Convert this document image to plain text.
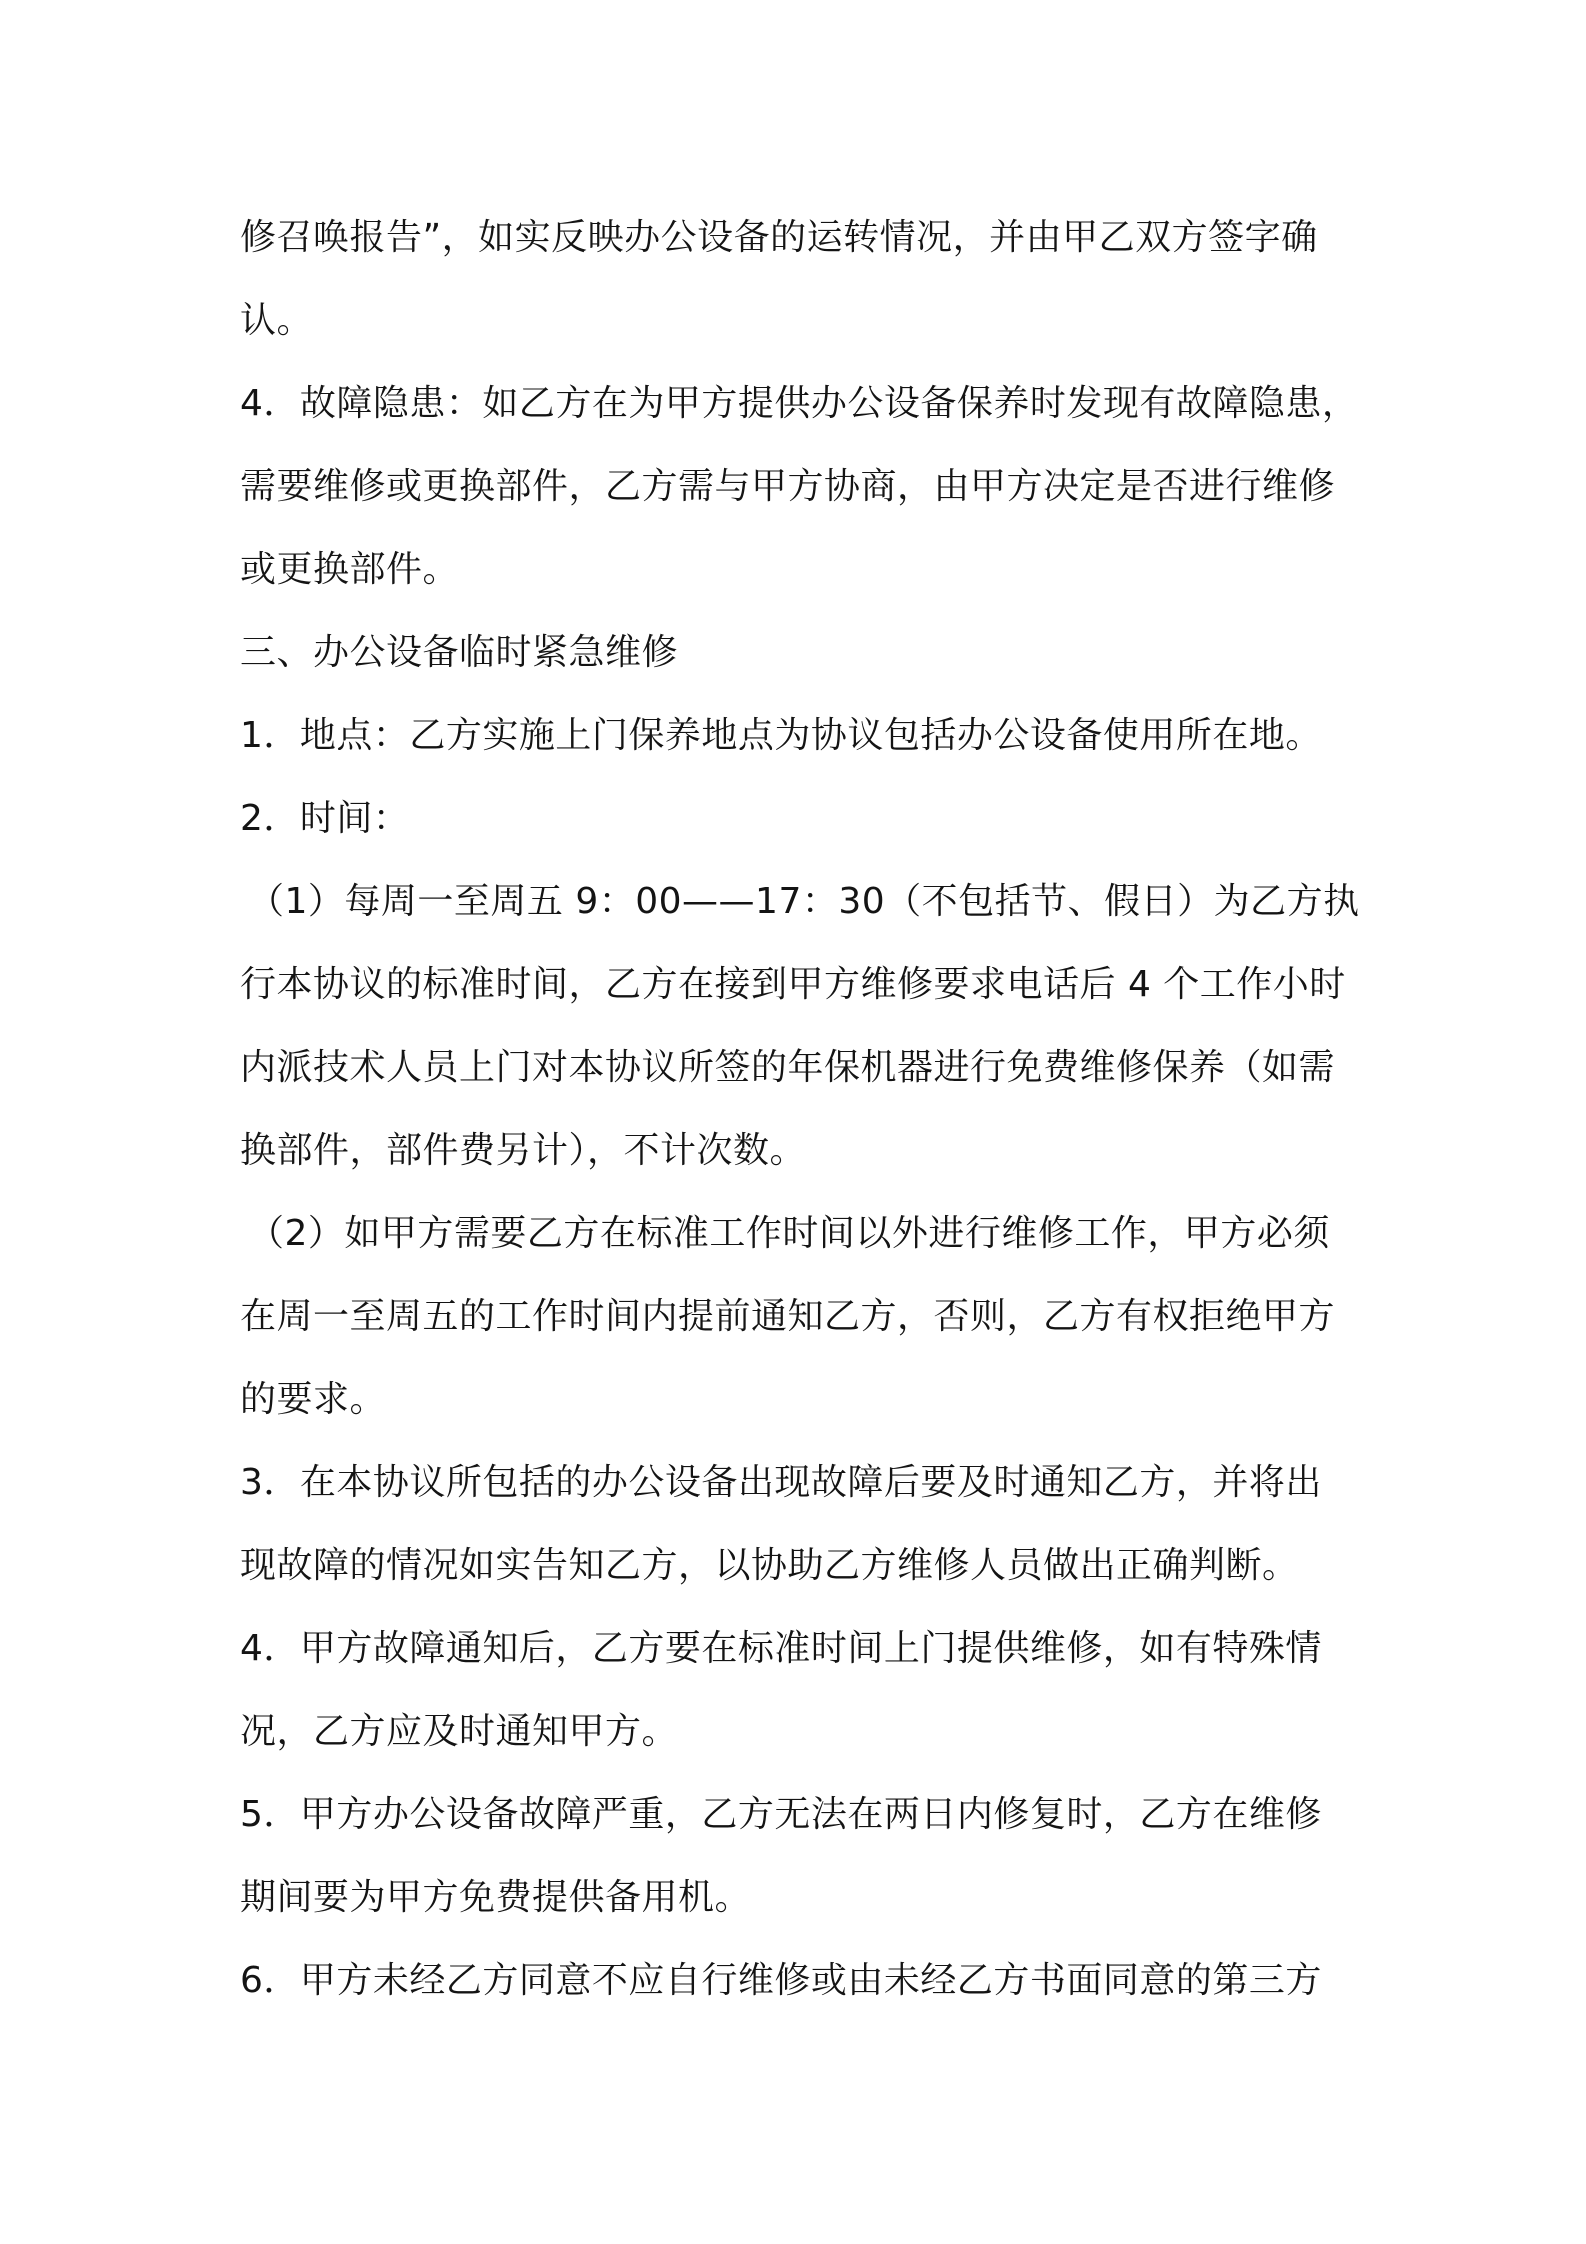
修召唤报告”，如实反映办公设备的运转情况，并由甲乙双方签字确

认。

4．故障隐患：如乙方在为甲方提供办公设备保养时发现有故障隐患，

需要维修或更换部件，乙方需与甲方协商，由甲方决定是否进行维修

或更换部件。

三、办公设备临时紧急维修

1．地点：乙方实施上门保养地点为协议包括办公设备使用所在地。

2．时间：

（1）每周一至周五 9：00——17：30（不包括节、假日）为乙方执

行本协议的标准时间，乙方在接到甲方维修要求电话后 4 个工作小时

内派技术人员上门对本协议所签的年保机器进行免费维修保养（如需

换部件，部件费另计），不计次数。

（2）如甲方需要乙方在标准工作时间以外进行维修工作，甲方必须

在周一至周五的工作时间内提前通知乙方，否则，乙方有权拒绝甲方

的要求。

3．在本协议所包括的办公设备出现故障后要及时通知乙方，并将出

现故障的情况如实告知乙方，以协助乙方维修人员做出正确判断。

4．甲方故障通知后，乙方要在标准时间上门提供维修，如有特殊情

况，乙方应及时通知甲方。

5．甲方办公设备故障严重，乙方无法在两日内修复时，乙方在维修

期间要为甲方免费提供备用机。

6．甲方未经乙方同意不应自行维修或由未经乙方书面同意的第三方
